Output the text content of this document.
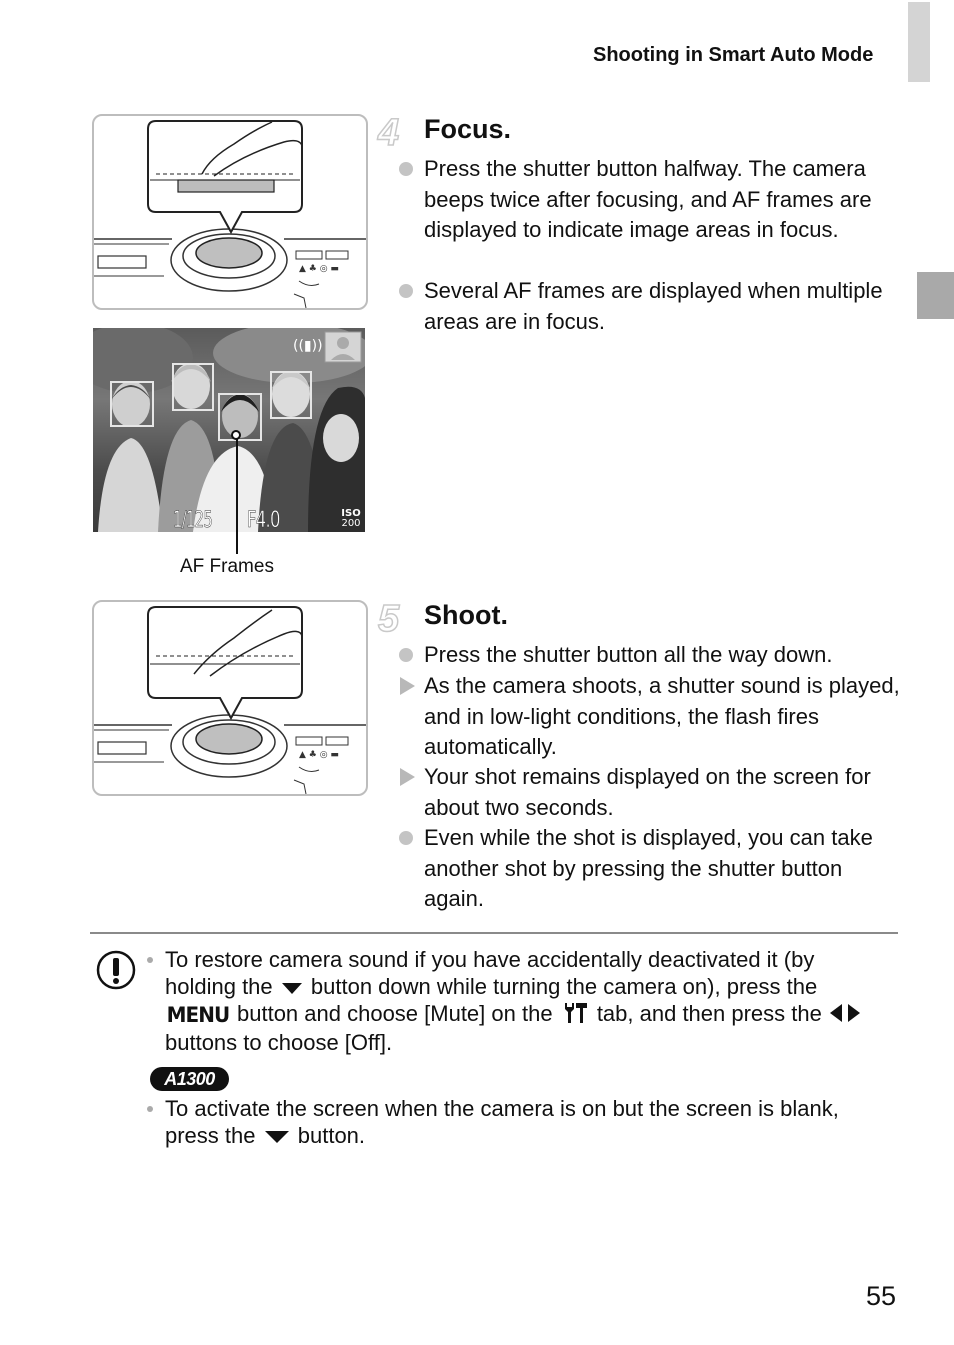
Shooting in Smart Auto Mode
▲ ♣ ◎ ▬
((▮))
1/125 F4.0	ISO
200
AF Frames
4 Focus.
Press the shutter button halfway. The camera beeps twice after focusing, and AF frames are displayed to indicate image areas in focus.
Several AF frames are displayed when multiple areas are in focus.
▲ ♣ ◎ ▬
5 Shoot.
Press the shutter button all the way down.
As the camera shoots, a shutter sound is played, and in low-light conditions, the flash fires automatically.
Your shot remains displayed on the screen for about two seconds.
Even while the shot is displayed, you can take another shot by pressing the shutter button again.
To restore camera sound if you have accidentally deactivated it (by holding the button down while turning the camera on), press the MENU button and choose [Mute] on the tab, and then press the  buttons to choose [Off].
A1300
To activate the screen when the camera is on but the screen is blank, press the button.
55
